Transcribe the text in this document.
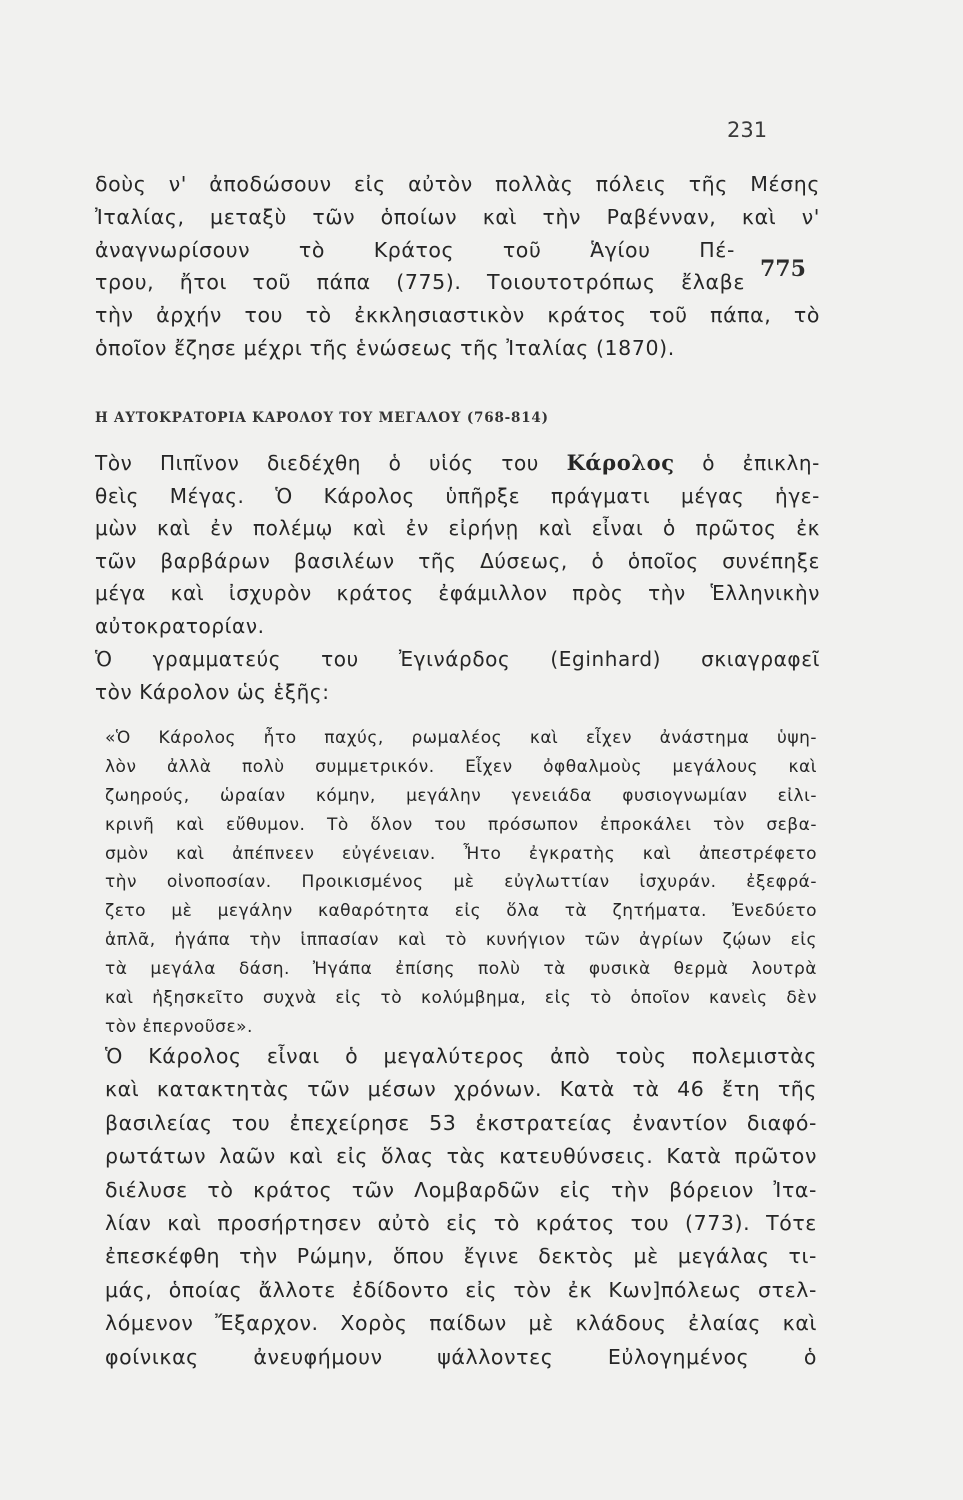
231
775
δοὺς ν' ἀποδώσουν εἰς αὐτὸν πολλὰς πόλεις τῆς Μέσης
Ἰταλίας, μεταξὺ τῶν ὁποίων καὶ τὴν Ραβένναν, καὶ ν'
ἀναγνωρίσουν τὸ Κράτος τοῦ Ἁγίου Πέ-
τρου, ἤτοι τοῦ πάπα (775). Τοιουτοτρόπως ἔλαβε
τὴν ἀρχήν του τὸ ἐκκλησιαστικὸν κράτος τοῦ πάπα, τὸ
ὁποῖον ἔζησε μέχρι τῆς ἑνώσεως τῆς Ἰταλίας (1870).
Η ΑΥΤΟΚΡΑΤΟΡΙΑ ΚΑΡΟΛΟΥ ΤΟΥ ΜΕΓΑΛΟΥ (768-814)
Τὸν Πιπῖνον διεδέχθη ὁ υἱός του Κάρολος ὁ ἐπικλη-
θεὶς Μέγας. Ὁ Κάρολος ὑπῆρξε πράγματι μέγας ἡγε-
μὼν καὶ ἐν πολέμῳ καὶ ἐν εἰρήνῃ καὶ εἶναι ὁ πρῶτος ἐκ
τῶν βαρβάρων βασιλέων τῆς Δύσεως, ὁ ὁποῖος συνέπηξε
μέγα καὶ ἰσχυρὸν κράτος ἐφάμιλλον πρὸς τὴν Ἑλληνικὴν
αὐτοκρατορίαν.
Ὁ γραμματεύς του Ἐγινάρδος (Eginhard) σκιαγραφεῖ
τὸν Κάρολον ὡς ἑξῆς:
«Ὁ Κάρολος ἦτο παχύς, ρωμαλέος καὶ εἶχεν ἀνάστημα ὑψη-
λὸν ἀλλὰ πολὺ συμμετρικόν. Εἶχεν ὀφθαλμοὺς μεγάλους καὶ
ζωηρούς, ὡραίαν κόμην, μεγάλην γενειάδα φυσιογνωμίαν εἰλι-
κρινῆ καὶ εὔθυμον. Τὸ ὅλον του πρόσωπον ἐπροκάλει τὸν σεβα-
σμὸν καὶ ἀπέπνεεν εὐγένειαν. Ἦτο ἐγκρατὴς καὶ ἀπεστρέφετο
τὴν οἰνοποσίαν. Προικισμένος μὲ εὐγλωττίαν ἰσχυράν. ἐξεφρά-
ζετο μὲ μεγάλην καθαρότητα εἰς ὅλα τὰ ζητήματα. Ἐνεδύετο
ἁπλᾶ, ἠγάπα τὴν ἱππασίαν καὶ τὸ κυνήγιον τῶν ἀγρίων ζῴων εἰς
τὰ μεγάλα δάση. Ἠγάπα ἐπίσης πολὺ τὰ φυσικὰ θερμὰ λουτρὰ
καὶ ἠξησκεῖτο συχνὰ εἰς τὸ κολύμβημα, εἰς τὸ ὁποῖον κανεὶς δὲν
τὸν ἐπερνοῦσε».
Ὁ Κάρολος εἶναι ὁ μεγαλύτερος ἀπὸ τοὺς πολεμιστὰς
καὶ κατακτητὰς τῶν μέσων χρόνων. Κατὰ τὰ 46 ἔτη τῆς
βασιλείας του ἐπεχείρησε 53 ἐκστρατείας ἐναντίον διαφό-
ρωτάτων λαῶν καὶ εἰς ὅλας τὰς κατευθύνσεις. Κατὰ πρῶτον
διέλυσε τὸ κράτος τῶν Λομβαρδῶν εἰς τὴν βόρειον Ἰτα-
λίαν καὶ προσήρτησεν αὐτὸ εἰς τὸ κράτος του (773). Τότε
ἐπεσκέφθη τὴν Ρώμην, ὅπου ἔγινε δεκτὸς μὲ μεγάλας τι-
μάς, ὁποίας ἄλλοτε ἐδίδοντο εἰς τὸν ἐκ Κων]πόλεως στελ-
λόμενον Ἔξαρχον. Χορὸς παίδων μὲ κλάδους ἐλαίας καὶ
φοίνικας ἀνευφήμουν ψάλλοντες Εὐλογημένος ὁ
